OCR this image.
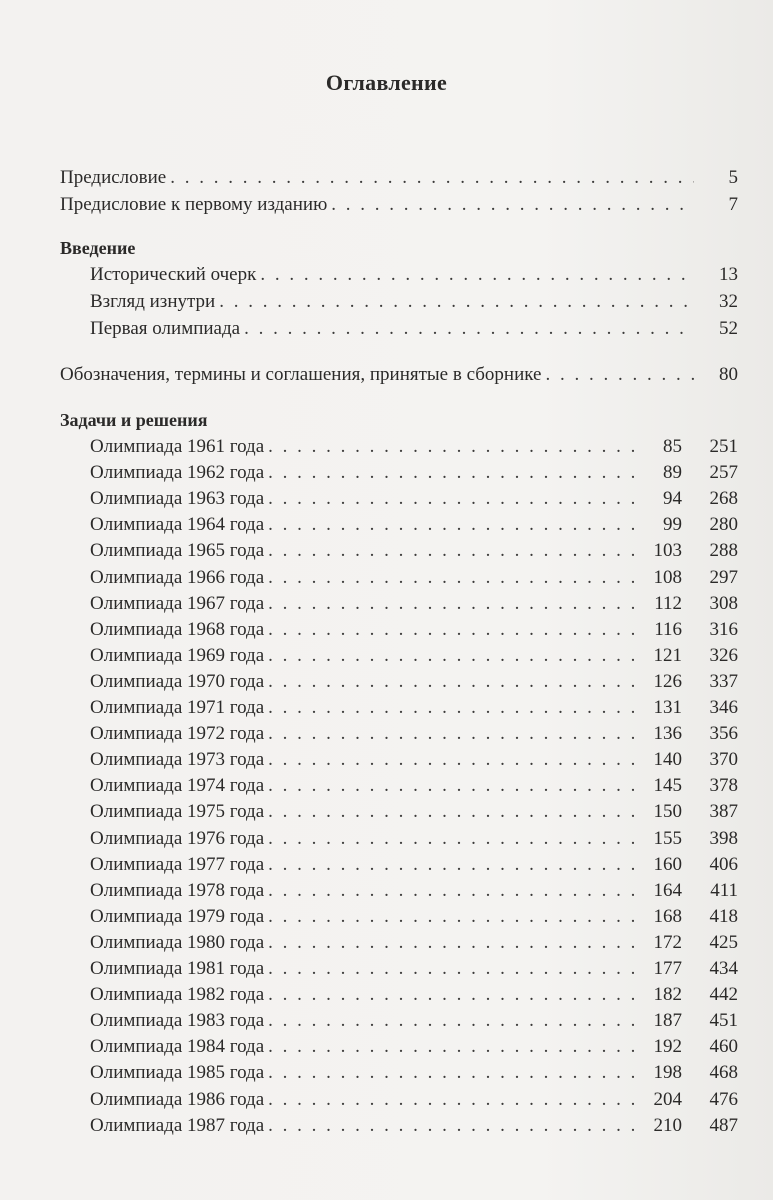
Оглавление
Предисловие . . .	5
Предисловие к первому изданию . . .	7
Введение
Исторический очерк . . .	13
Взгляд изнутри . . .	32
Первая олимпиада . . .	52
Обозначения, термины и соглашения, принятые в сборнике . . .	80
Задачи и решения
Олимпиада 1961 года . . .	85	251
Олимпиада 1962 года . . .	89	257
Олимпиада 1963 года . . .	94	268
Олимпиада 1964 года . . .	99	280
Олимпиада 1965 года . . .	103	288
Олимпиада 1966 года . . .	108	297
Олимпиада 1967 года . . .	112	308
Олимпиада 1968 года . . .	116	316
Олимпиада 1969 года . . .	121	326
Олимпиада 1970 года . . .	126	337
Олимпиада 1971 года . . .	131	346
Олимпиада 1972 года . . .	136	356
Олимпиада 1973 года . . .	140	370
Олимпиада 1974 года . . .	145	378
Олимпиада 1975 года . . .	150	387
Олимпиада 1976 года . . .	155	398
Олимпиада 1977 года . . .	160	406
Олимпиада 1978 года . . .	164	411
Олимпиада 1979 года . . .	168	418
Олимпиада 1980 года . . .	172	425
Олимпиада 1981 года . . .	177	434
Олимпиада 1982 года . . .	182	442
Олимпиада 1983 года . . .	187	451
Олимпиада 1984 года . . .	192	460
Олимпиада 1985 года . . .	198	468
Олимпиада 1986 года . . .	204	476
Олимпиада 1987 года . . .	210	487
